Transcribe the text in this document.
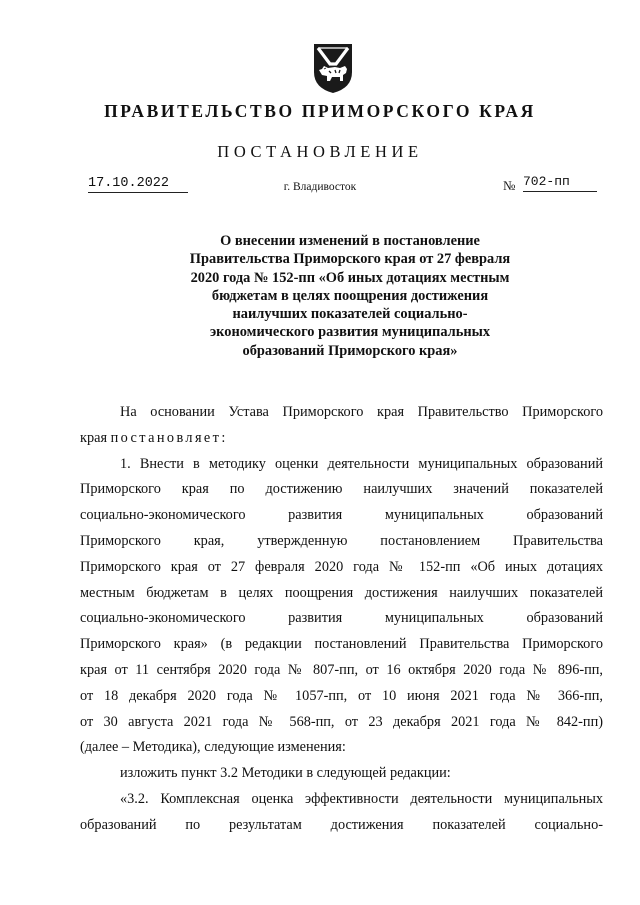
ПРАВИТЕЛЬСТВО ПРИМОРСКОГО КРАЯ
ПОСТАНОВЛЕНИЕ
17.10.2022	г. Владивосток	№ 702-пп
О внесении изменений в постановление
Правительства Приморского края от 27 февраля
2020 года № 152-пп «Об иных дотациях местным
бюджетам в целях поощрения достижения
наилучших показателей социально-
экономического развития муниципальных
образований Приморского края»
На основании Устава Приморского края Правительство Приморского
края постановляет:
1. Внести в методику оценки деятельности муниципальных образований
Приморского края по достижению наилучших значений показателей
социально-экономического развития муниципальных образований
Приморского края, утвержденную постановлением Правительства
Приморского края от 27 февраля 2020 года № 152-пп «Об иных дотациях
местным бюджетам в целях поощрения достижения наилучших показателей
социально-экономического развития муниципальных образований
Приморского края» (в редакции постановлений Правительства Приморского
края от 11 сентября 2020 года № 807-пп, от 16 октября 2020 года № 896-пп,
от 18 декабря 2020 года № 1057-пп, от 10 июня 2021 года № 366-пп,
от 30 августа 2021 года № 568-пп, от 23 декабря 2021 года № 842-пп)
(далее – Методика), следующие изменения:
изложить пункт 3.2 Методики в следующей редакции:
«3.2. Комплексная оценка эффективности деятельности муниципальных
образований по результатам достижения показателей социально-
